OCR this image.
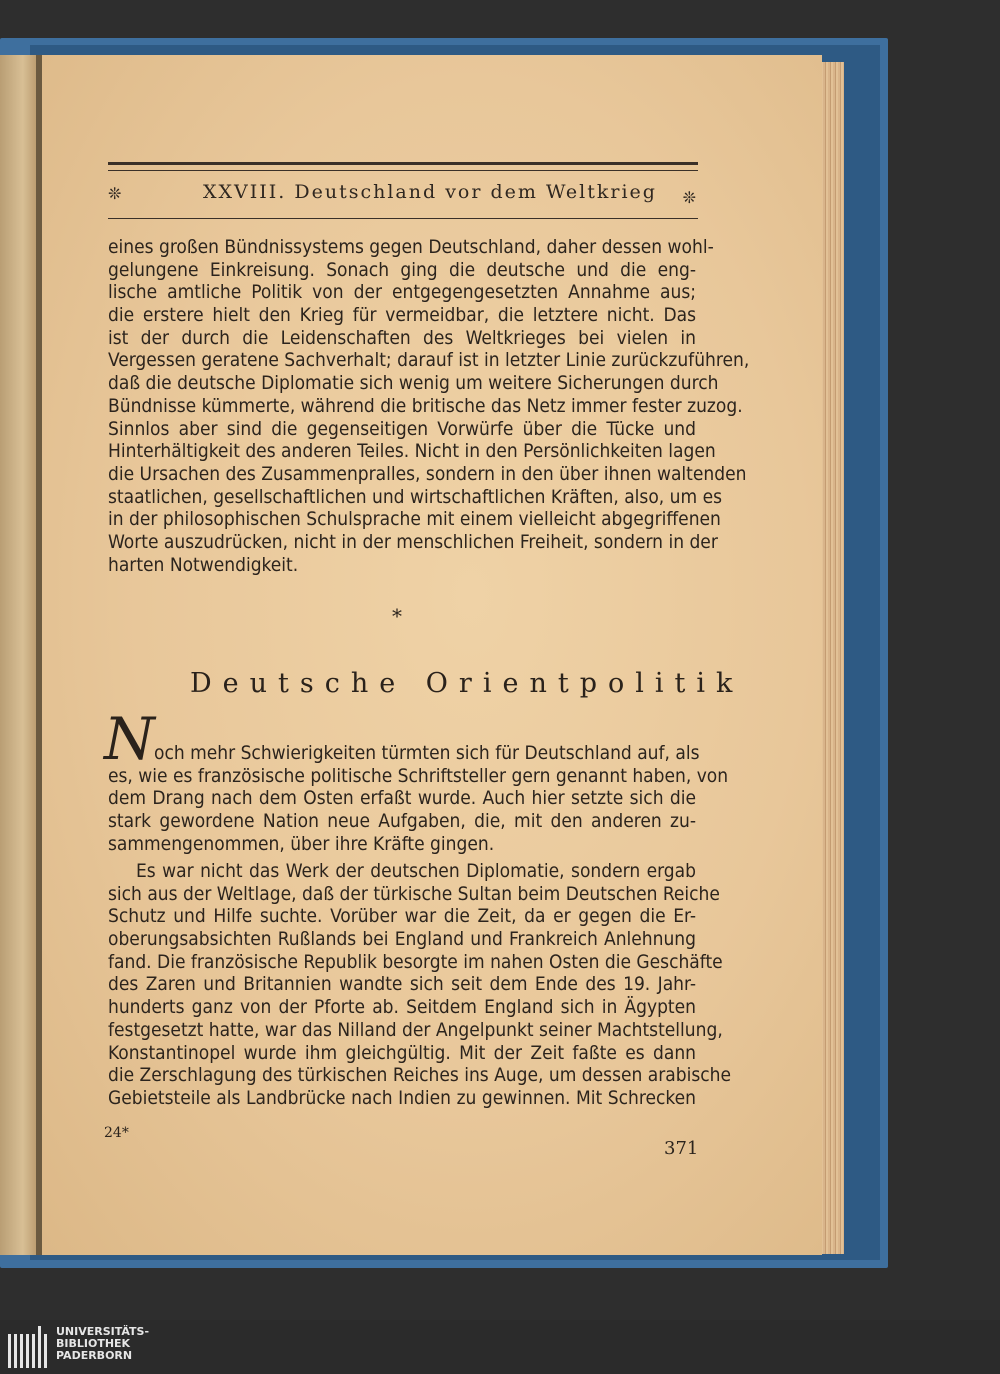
❊	XXVIII. Deutschland vor dem Weltkrieg ❊
eines großen Bündnissystems gegen Deutschland, daher dessen wohl-
gelungene Einkreisung. Sonach ging die deutsche und die eng-
lische amtliche Politik von der entgegengesetzten Annahme aus;
die erstere hielt den Krieg für vermeidbar, die letztere nicht. Das
ist der durch die Leidenschaften des Weltkrieges bei vielen in
Vergessen geratene Sachverhalt; darauf ist in letzter Linie zurückzuführen,
daß die deutsche Diplomatie sich wenig um weitere Sicherungen durch
Bündnisse kümmerte, während die britische das Netz immer fester zuzog.
Sinnlos aber sind die gegenseitigen Vorwürfe über die Tücke und
Hinterhältigkeit des anderen Teiles. Nicht in den Persönlichkeiten lagen
die Ursachen des Zusammenpralles, sondern in den über ihnen waltenden
staatlichen, gesellschaftlichen und wirtschaftlichen Kräften, also, um es
in der philosophischen Schulsprache mit einem vielleicht abgegriffenen
Worte auszudrücken, nicht in der menschlichen Freiheit, sondern in der
harten Notwendigkeit.
*
Deutsche Orientpolitik
N och mehr Schwierigkeiten türmten sich für Deutschland auf, als
es, wie es französische politische Schriftsteller gern genannt haben, von
dem Drang nach dem Osten erfaßt wurde. Auch hier setzte sich die
stark gewordene Nation neue Aufgaben, die, mit den anderen zu-
sammengenommen, über ihre Kräfte gingen.
Es war nicht das Werk der deutschen Diplomatie, sondern ergab
sich aus der Weltlage, daß der türkische Sultan beim Deutschen Reiche
Schutz und Hilfe suchte. Vorüber war die Zeit, da er gegen die Er-
oberungsabsichten Rußlands bei England und Frankreich Anlehnung
fand. Die französische Republik besorgte im nahen Osten die Geschäfte
des Zaren und Britannien wandte sich seit dem Ende des 19. Jahr-
hunderts ganz von der Pforte ab. Seitdem England sich in Ägypten
festgesetzt hatte, war das Nilland der Angelpunkt seiner Machtstellung,
Konstantinopel wurde ihm gleichgültig. Mit der Zeit faßte es dann
die Zerschlagung des türkischen Reiches ins Auge, um dessen arabische
Gebietsteile als Landbrücke nach Indien zu gewinnen. Mit Schrecken
24*
371
UNIVERSITÄTS-
BIBLIOTHEK
PADERBORN
